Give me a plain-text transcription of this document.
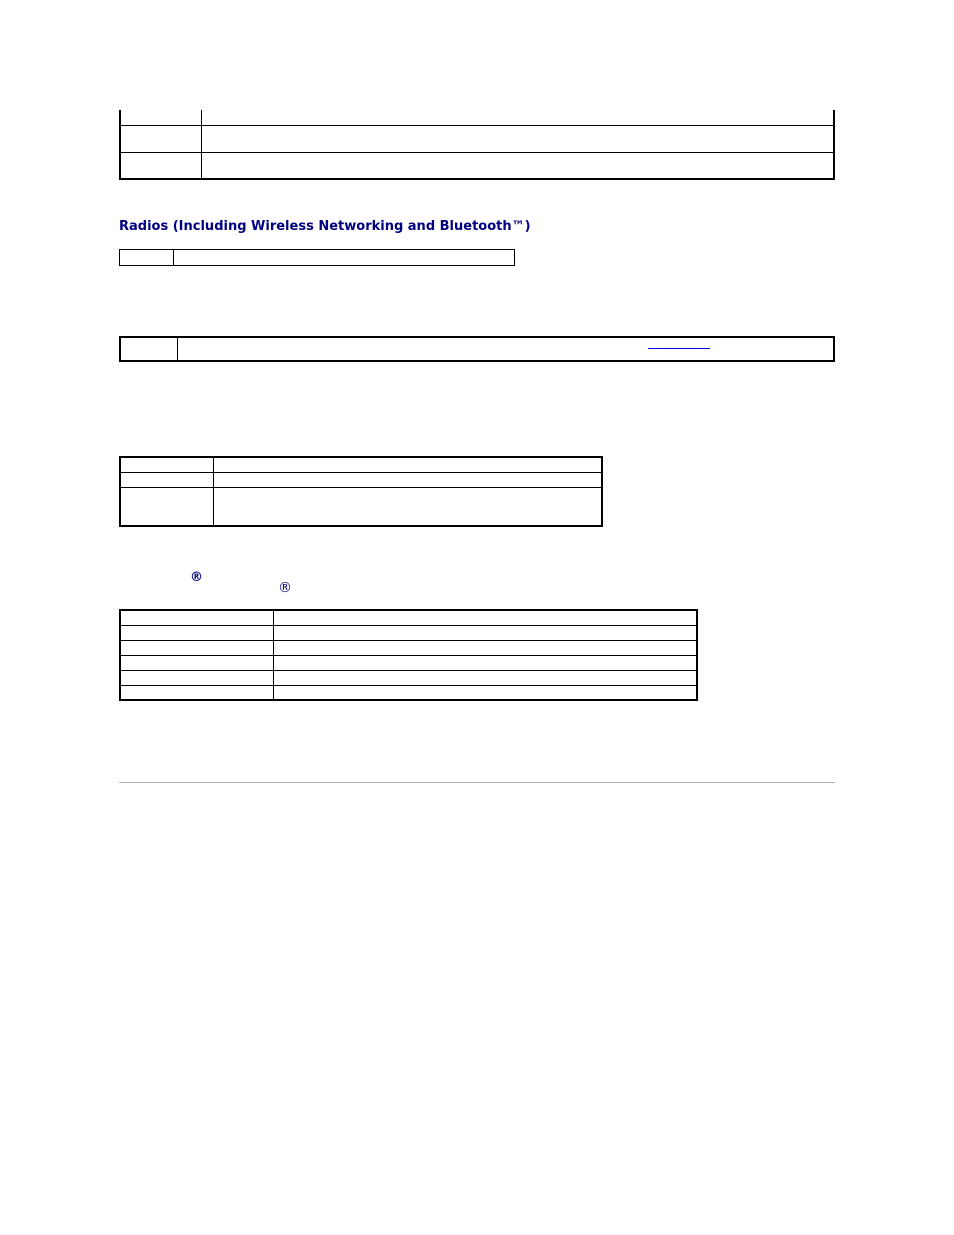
Radios (Including Wireless Networking and Bluetooth™)

®
®
